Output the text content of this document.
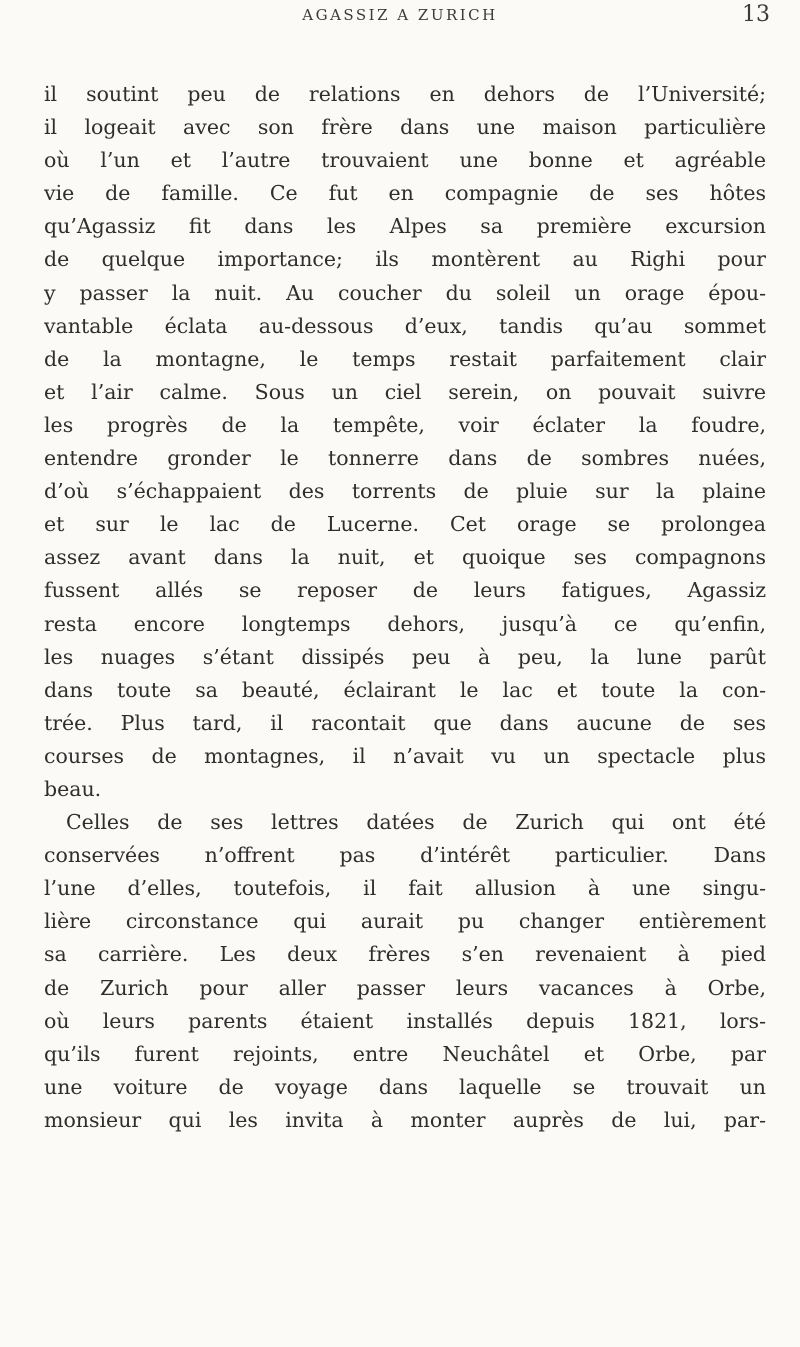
AGASSIZ A ZURICH	13
il soutint peu de relations en dehors de l’Université;
il logeait avec son frère dans une maison particulière
où l’un et l’autre trouvaient une bonne et agréable
vie de famille. Ce fut en compagnie de ses hôtes
qu’Agassiz fit dans les Alpes sa première excursion
de quelque importance; ils montèrent au Righi pour
y passer la nuit. Au coucher du soleil un orage épou-
vantable éclata au-dessous d’eux, tandis qu’au sommet
de la montagne, le temps restait parfaitement clair
et l’air calme. Sous un ciel serein, on pouvait suivre
les progrès de la tempête, voir éclater la foudre,
entendre gronder le tonnerre dans de sombres nuées,
d’où s’échappaient des torrents de pluie sur la plaine
et sur le lac de Lucerne. Cet orage se prolongea
assez avant dans la nuit, et quoique ses compagnons
fussent allés se reposer de leurs fatigues, Agassiz
resta encore longtemps dehors, jusqu’à ce qu’enfin,
les nuages s’étant dissipés peu à peu, la lune parût
dans toute sa beauté, éclairant le lac et toute la con-
trée. Plus tard, il racontait que dans aucune de ses
courses de montagnes, il n’avait vu un spectacle plus
beau.
Celles de ses lettres datées de Zurich qui ont été
conservées n’offrent pas d’intérêt particulier. Dans
l’une d’elles, toutefois, il fait allusion à une singu-
lière circonstance qui aurait pu changer entièrement
sa carrière. Les deux frères s’en revenaient à pied
de Zurich pour aller passer leurs vacances à Orbe,
où leurs parents étaient installés depuis 1821, lors-
qu’ils furent rejoints, entre Neuchâtel et Orbe, par
une voiture de voyage dans laquelle se trouvait un
monsieur qui les invita à monter auprès de lui, par-
